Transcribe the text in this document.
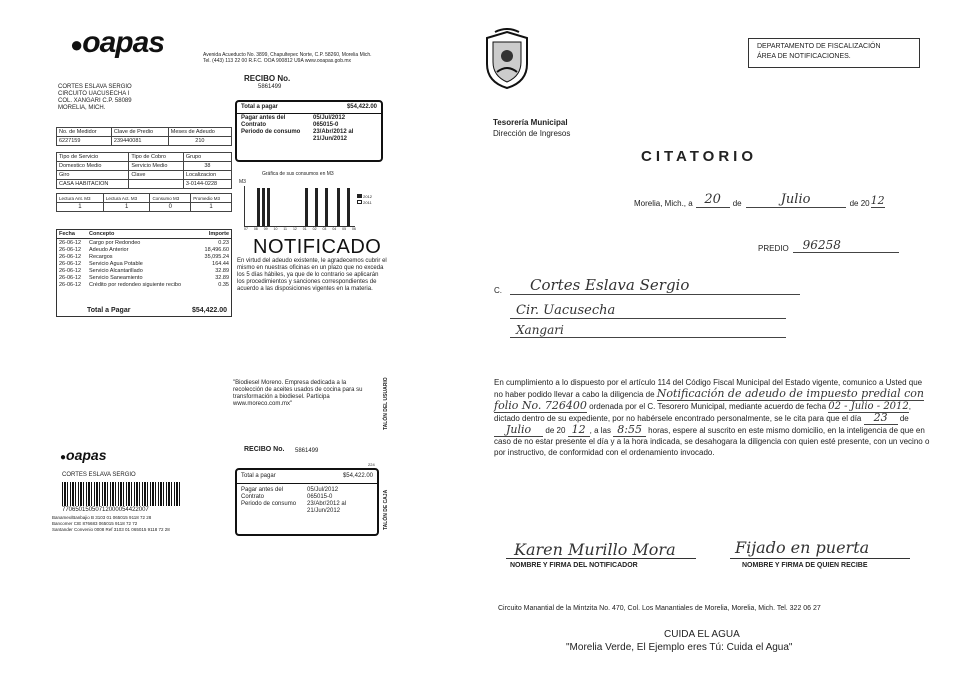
●oapas	Avenida Acueducto No. 3899, Chapultepec Norte, C.P. 58260, Morelia Mich.
Tel. (443) 113 22 00 R.F.C. OOA 900812 U9A www.ooapas.gob.mx
CORTES ESLAVA SERGIO
CIRCUITO UACUSECHA I
COL. XANGARI C.P. 58089
MORELIA, MICH.
RECIBO No.
5861499
No. de Medidor	Clave de Predio	Meses de Adeudo
6227159	239440081	210
Tipo de Servicio	Tipo de Cobro	Grupo
Domestico Medio	Servicio Medio	38
Giro	Clave	Localizacion
CASA HABITACION		3-0144-0228
Lectura Ant. M3	Lectura Act. M3	Consumo M3	Promedio M3
1	1	0	1
Total a pagar	$54,422.00
Pagar antes del	05/Jul/2012
Contrato	065015-0
Periodo de consumo	23/Abr/2012 al 21/Jun/2012
Gráfica de sus consumos en M3
M3
07 08 09 10 11 12 01 02 03 04 05 06
2012
2011
Fecha	Concepto	Importe
26-06-12	Cargo por Redondeo	0.23
26-06-12	Adeudo Anterior	18,496.60
26-06-12	Recargos	35,095.24
26-06-12	Servicio Agua Potable	164.44
26-06-12	Servicio Alcantarillado	32.89
26-06-12	Servicio Saneamiento	32.89
26-06-12	Crédito por redondeo siguiente recibo	0.35
Total a Pagar	$54,422.00
NOTIFICADO
En virtud del adeudo existente, le agradecemos cubrir el mismo en nuestras oficinas en un plazo que no exceda los 5 días hábiles, ya que de lo contrario se aplicarán los procedimientos y sanciones correspondientes de acuerdo a las disposiciones vigentes en la materia.
"Biodiesel Moreno. Empresa dedicada a la recolección de aceites usados de cocina para su transformación a biodiesel. Participa www.moreco.com.mx"	TALÓN DEL USUARIO
●oapas
CORTES ESLAVA SERGIO
RECIBO No. 5861499
224
77065015050712000054422007
Banamex/Banbajio B 3103 01 065015 9118 72 28
Bancomer CIE 876683 065015 9118 72 72
Santander Convenio 0008 Ref 3103 01 065015 9118 72 28
Total a pagar	$54,422.00
Pagar antes del	05/Jul/2012
Contrato	065015-0
Periodo de consumo	23/Abr/2012 al 21/Jun/2012	TALÓN DE CAJA
DEPARTAMENTO DE FISCALIZACIÓN
ÁREA DE NOTIFICACIONES.
Tesorería Municipal
Dirección de Ingresos
CITATORIO
Morelia, Mich., a 20	de	Julio	de 20 12
PREDIO	96258
C.	Cortes Eslava Sergio
Cir. Uacusecha
Xangari
En cumplimiento a lo dispuesto por el artículo 114 del Código Fiscal Municipal del Estado vigente, comunico a Usted que no haber podido llevar a cabo la diligencia de Notificación de adeudo de impuesto predial con folio No. 726400 ordenada por el C. Tesorero Municipal, mediante acuerdo de fecha 02 - Julio - 2012, dictado dentro de su expediente, por no habérsele encontrado personalmente, se le cita para que el día 23 de Julio de 20 12 , a las 8:55 horas, espere al suscrito en este mismo domicilio, en la inteligencia de que en caso de no estar presente el día y a la hora indicada, se desahogara la diligencia con quien esté presente, con un vecino o por instructivo, de conformidad con el ordenamiento invocado.
Karen Murillo Mora
NOMBRE Y FIRMA DEL NOTIFICADOR
Fijado en puerta
NOMBRE Y FIRMA DE QUIEN RECIBE
Circuito Manantial de la Mintzita No. 470, Col. Los Manantiales de Morelia, Morelia, Mich. Tel. 322 06 27
CUIDA EL AGUA
"Morelia Verde, El Ejemplo eres Tú: Cuida el Agua"
